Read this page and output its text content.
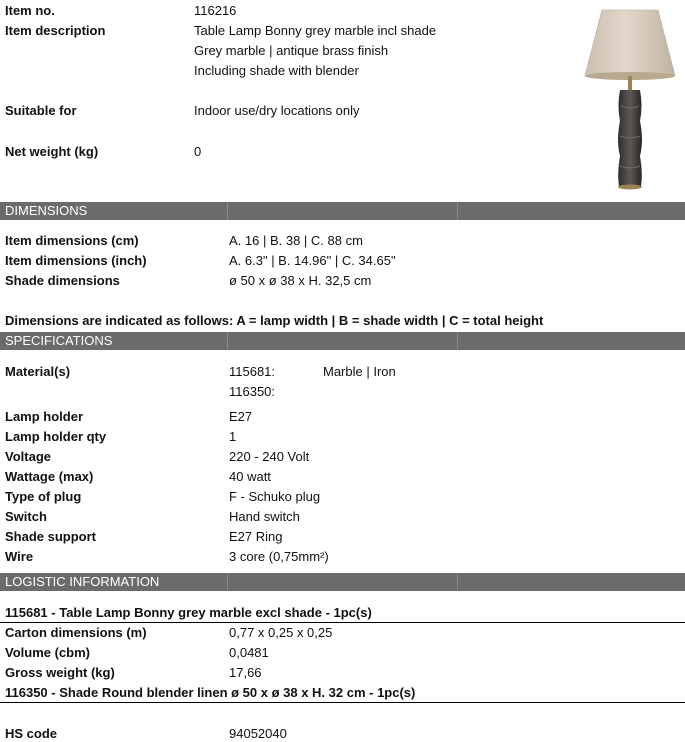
Item no.	116216
Item description	Table Lamp Bonny grey marble incl shade
Grey marble | antique brass finish
Including shade with blender
Suitable for	Indoor use/dry locations only
Net weight (kg)	0
DIMENSIONS
Item dimensions (cm)	A. 16 | B. 38 | C. 88 cm
Item dimensions (inch)	A. 6.3" | B. 14.96" | C. 34.65"
Shade dimensions	ø 50 x ø 38 x H. 32,5 cm
Dimensions are indicated as follows: A = lamp width | B = shade width | C = total height
SPECIFICATIONS
Material(s)	115681:	Marble | Iron
116350:
Lamp holder	E27
Lamp holder qty	1
Voltage	220 - 240 Volt
Wattage (max)	40 watt
Type of plug	F - Schuko plug
Switch	Hand switch
Shade support	E27 Ring
Wire	3 core (0,75mm²)
LOGISTIC INFORMATION
115681 - Table Lamp Bonny grey marble excl shade - 1pc(s)
Carton dimensions (m)	0,77 x 0,25 x 0,25
Volume (cbm)	0,0481
Gross weight (kg)	17,66
116350 - Shade Round blender linen ø 50 x ø 38 x H. 32 cm - 1pc(s)
HS code	94052040
